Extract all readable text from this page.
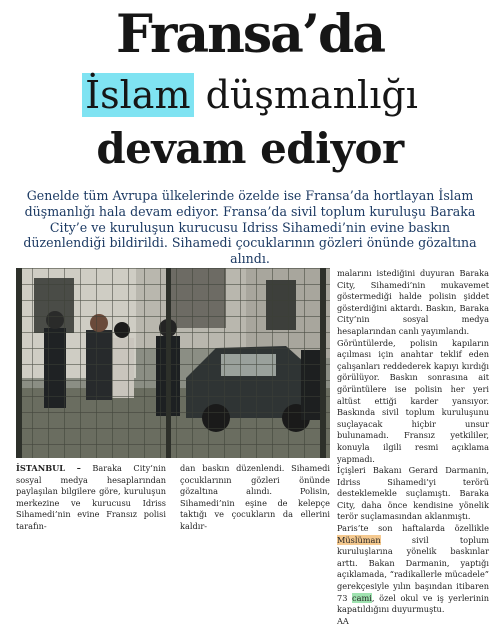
Fransa’da
İslam düşmanlığı
devam ediyor
Genelde tüm Avrupa ülkelerinde özelde ise Fransa’da hortlayan İslam düşmanlığı hala devam ediyor. Fransa’da sivil toplum kuruluşu Baraka City’e ve kuruluşun kurucusu Idriss Sihamedi’nin evine baskın düzenlendiği bildirildi. Sihamedi çocuklarının gözleri önünde gözaltına alındı.

malarını istediğini duyuran Baraka City, Sihamedi’nin mukavemet göstermediği halde polisin şiddet gösterdiğini aktardı. Baskın, Baraka City’nin sosyal medya hesaplarından canlı yayımlandı.

Görüntülerde, polisin kapıların açılması için anahtar teklif eden çalışanları reddederek kapıyı kırdığı görülüyor. Baskın sonrasına ait görüntülere ise polisin her yeri altüst ettiği karder yansıyor. Baskında sivil toplum kuruluşunu suçlayacak hiçbir unsur bulunamadı. Fransız yetkililer, konuyla ilgili resmi açıklama yapmadı.

İçişleri Bakanı Gerard Darmanin, Idriss Sihamedi’yi terörü desteklemekle suçlamıştı. Baraka City, daha önce kendisine yönelik terör suçlamasından aklanmıştı.

Paris’te son haftalarda özellikle Müslüman sivil toplum kuruluşlarına yönelik baskınlar arttı. Bakan Darmanin, yaptığı açıklamada, “radikallerle mücadele” gerekçesiyle yılın başından itibaren 73 cami, özel okul ve iş yerlerinin kapatıldığını duyurmuştu.

AA

İSTANBUL – Baraka City’nin sosyal medya hesaplarından paylaşılan bilgilere göre, kuruluşun merkezine ve kurucusu Idriss Sihamedi’nin evine Fransız polisi tarafın-
dan baskın düzenlendi. Sihamedi çocuklarının gözleri önünde gözaltına alındı. Polisin, Sihamedi’nin eşine de kelepçe taktığı ve çocukların da ellerini kaldır-
